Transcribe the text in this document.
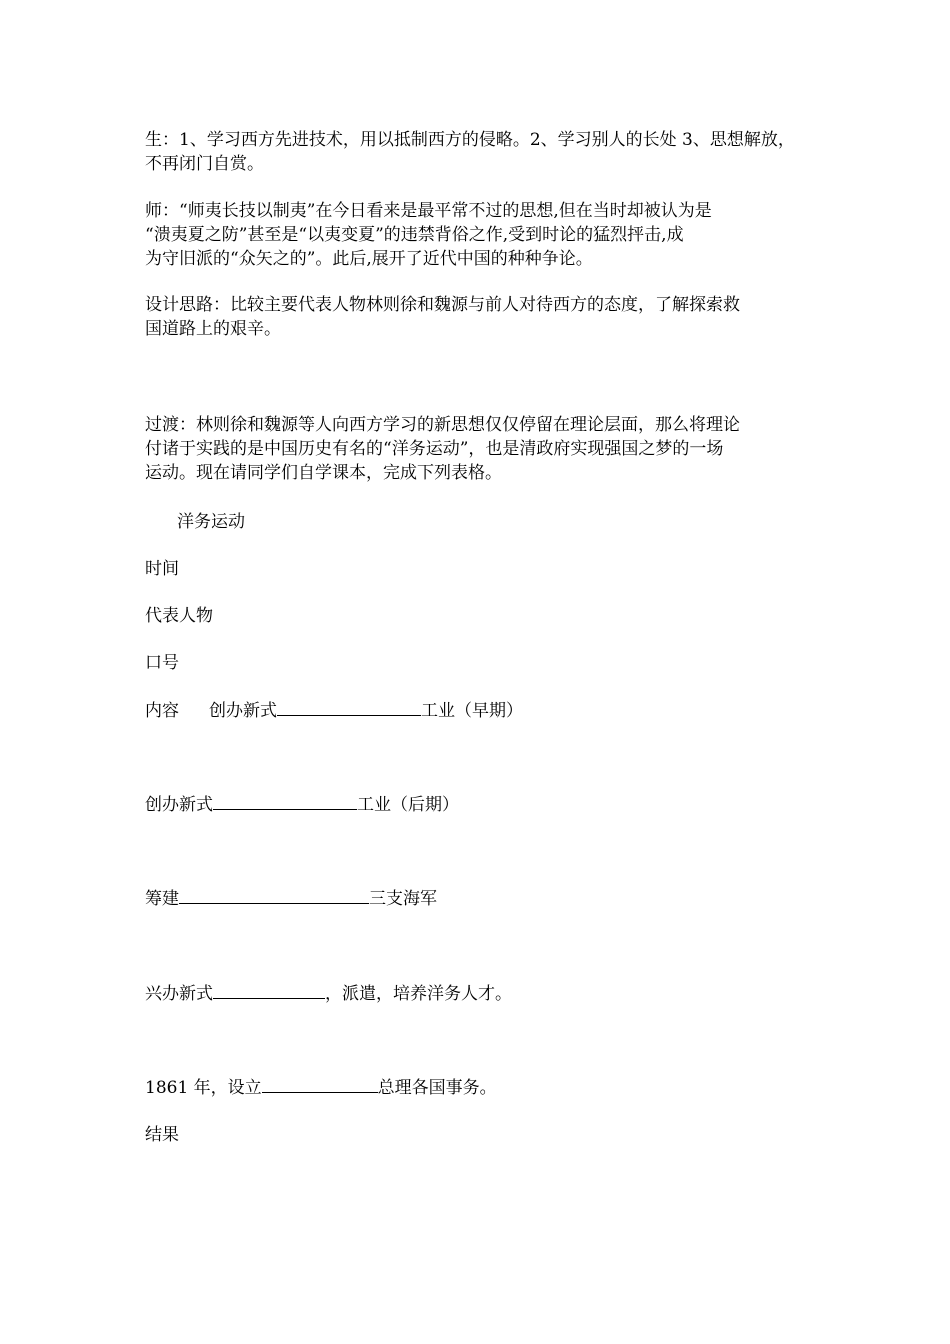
生：1、学习西方先进技术，用以抵制西方的侵略。2、学习别人的长处 3、思想解放，
不再闭门自赏。

师：“师夷长技以制夷”在今日看来是最平常不过的思想,但在当时却被认为是
“溃夷夏之防”甚至是“以夷变夏”的违禁背俗之作,受到时论的猛烈抨击,成
为守旧派的“众矢之的”。此后,展开了近代中国的种种争论。

设计思路：比较主要代表人物林则徐和魏源与前人对待西方的态度，了解探索救
国道路上的艰辛。

过渡：林则徐和魏源等人向西方学习的新思想仅仅停留在理论层面，那么将理论
付诸于实践的是中国历史有名的“洋务运动”，也是清政府实现强国之梦的一场
运动。现在请同学们自学课本，完成下列表格。

洋务运动

时间

代表人物

口号

内容 创办新式	工业（早期）

创办新式	工业（后期）

筹建	三支海军

兴办新式	，派遣，培养洋务人才。

1861 年，设立	总理各国事务。

结果
